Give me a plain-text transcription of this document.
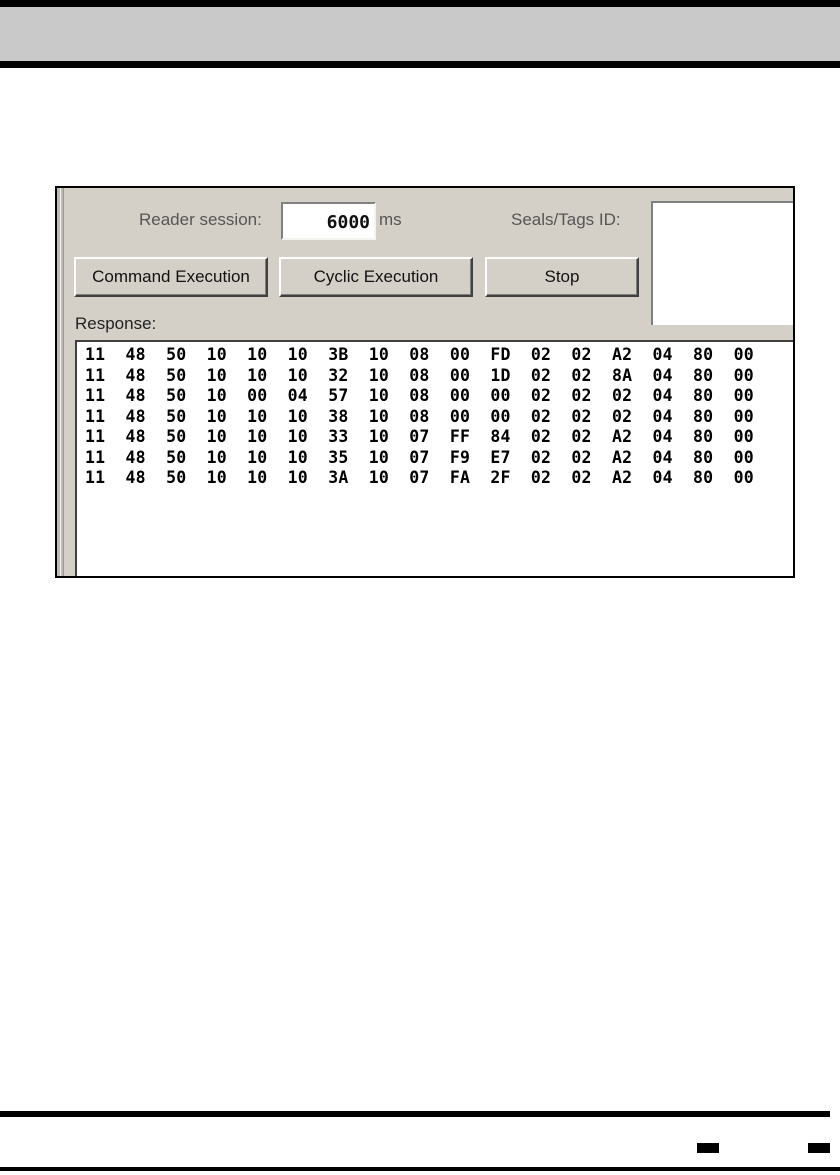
Reader session:	6000 ms	Seals/Tags ID:
Command Execution	Cyclic Execution	Stop
Response:
11  48  50  10  10  10  3B  10  08  00  FD  02  02  A2  04  80  00
11  48  50  10  10  10  32  10  08  00  1D  02  02  8A  04  80  00
11  48  50  10  00  04  57  10  08  00  00  02  02  02  04  80  00
11  48  50  10  10  10  38  10  08  00  00  02  02  02  04  80  00
11  48  50  10  10  10  33  10  07  FF  84  02  02  A2  04  80  00
11  48  50  10  10  10  35  10  07  F9  E7  02  02  A2  04  80  00
11  48  50  10  10  10  3A  10  07  FA  2F  02  02  A2  04  80  00
